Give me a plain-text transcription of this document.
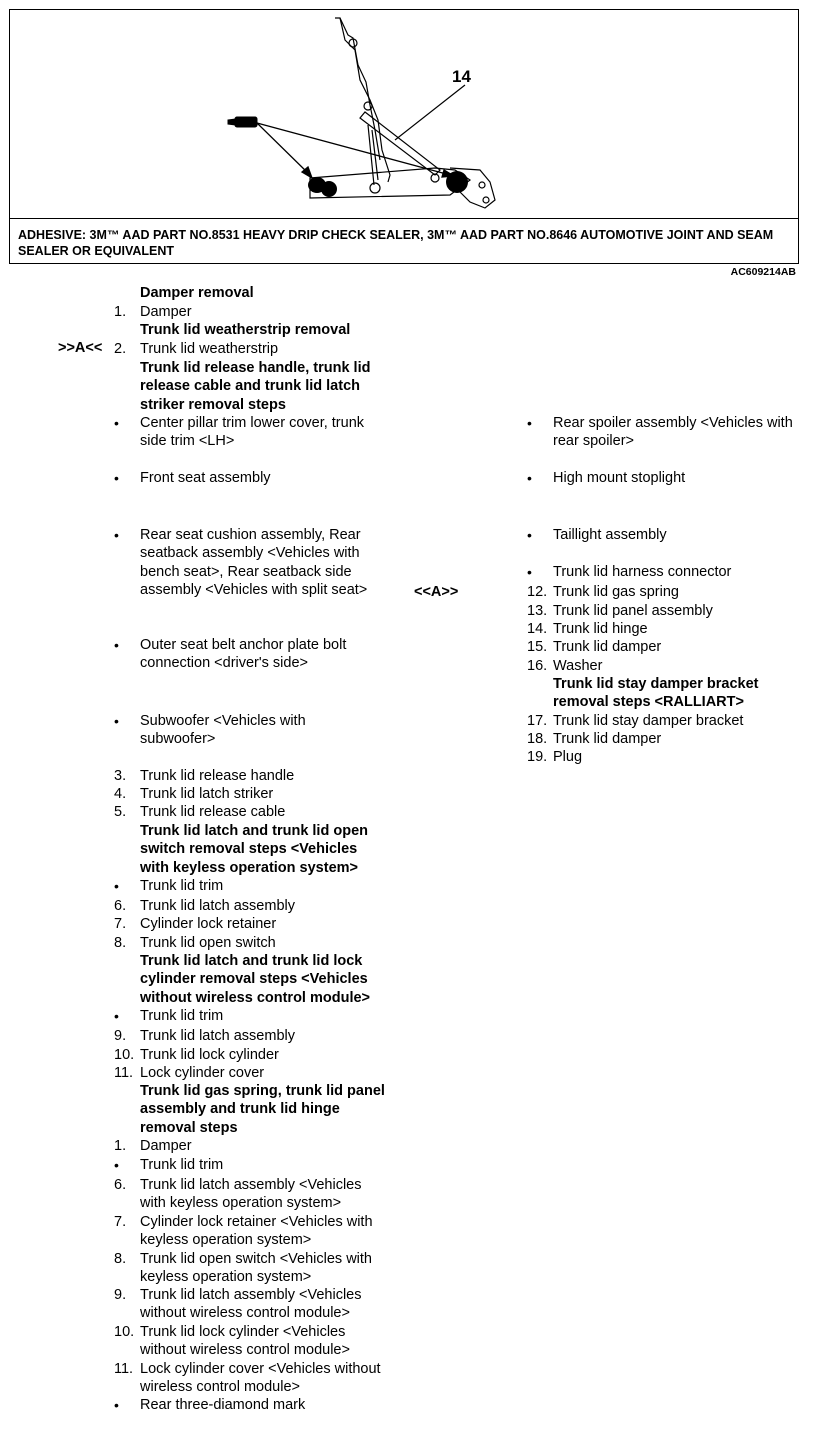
14
ADHESIVE: 3M™ AAD PART NO.8531 HEAVY DRIP CHECK SEALER, 3M™ AAD PART NO.8646 AUTOMOTIVE JOINT AND SEAM SEALER OR EQUIVALENT
AC609214AB
Damper removal
1. Damper
Trunk lid weatherstrip removal
>>A<< 2. Trunk lid weatherstrip
Trunk lid release handle, trunk lid
release cable and trunk lid latch
striker removal steps
•
Center pillar trim lower cover, trunk
side trim <LH>
•
Front seat assembly
•
Rear seat cushion assembly, Rear
seatback assembly <Vehicles with
bench seat>, Rear seatback side
assembly <Vehicles with split seat>
•
Outer seat belt anchor plate bolt
connection <driver's side>
•
Subwoofer <Vehicles with
subwoofer>
3. Trunk lid release handle
4. Trunk lid latch striker
5. Trunk lid release cable
Trunk lid latch and trunk lid open
switch removal steps <Vehicles
with keyless operation system>
•
Trunk lid trim
6. Trunk lid latch assembly
7. Cylinder lock retainer
8. Trunk lid open switch
Trunk lid latch and trunk lid lock
cylinder removal steps <Vehicles
without wireless control module>
•
Trunk lid trim
9. Trunk lid latch assembly
10. Trunk lid lock cylinder
11. Lock cylinder cover
Trunk lid gas spring, trunk lid panel
assembly and trunk lid hinge
removal steps
1. Damper
•
Trunk lid trim
6. Trunk lid latch assembly <Vehicles
with keyless operation system>
7. Cylinder lock retainer <Vehicles with
keyless operation system>
8. Trunk lid open switch <Vehicles with
keyless operation system>
9. Trunk lid latch assembly <Vehicles
without wireless control module>
10. Trunk lid lock cylinder <Vehicles
without wireless control module>
11. Lock cylinder cover <Vehicles without
wireless control module>
•
Rear three-diamond mark
•
Rear spoiler assembly <Vehicles with
rear spoiler>
•
High mount stoplight
•
Taillight assembly
•
Trunk lid harness connector
<<A>>	12. Trunk lid gas spring
13. Trunk lid panel assembly
14. Trunk lid hinge
15. Trunk lid damper
16. Washer
Trunk lid stay damper bracket
removal steps <RALLIART>
17. Trunk lid stay damper bracket
18. Trunk lid damper
19. Plug
